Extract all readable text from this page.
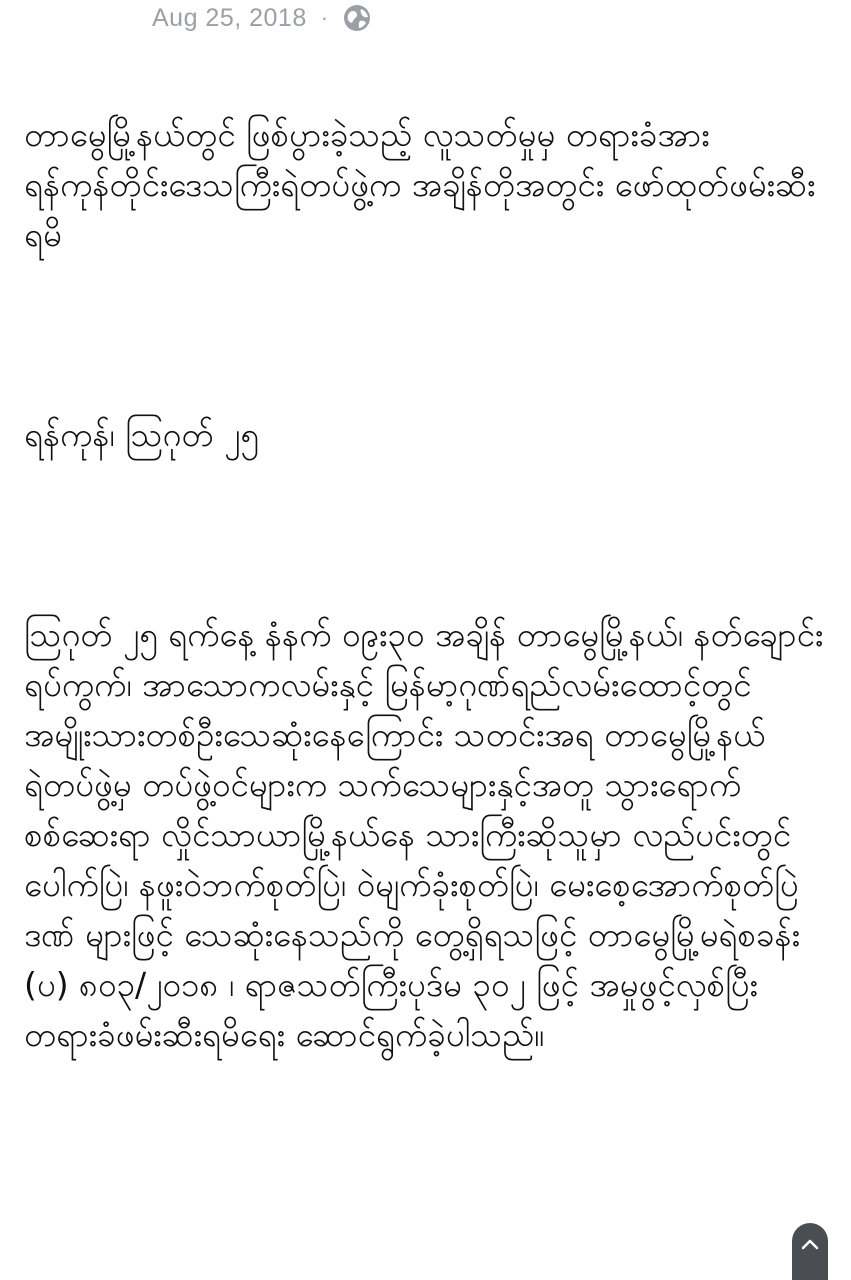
Aug 25, 2018 ·

တာမွေမြို့နယ်တွင် ဖြစ်ပွားခဲ့သည့် လူသတ်မှုမှ တရားခံအား ရန်ကုန်တိုင်းဒေသကြီးရဲတပ်ဖွဲ့က အချိန်တိုအတွင်း ဖော်ထုတ်ဖမ်းဆီးရမိ

ရန်ကုန်၊ ဩဂုတ် ၂၅

ဩဂုတ် ၂၅ ရက်နေ့ နံနက် ၀၉း၃၀ အချိန် တာမွေမြို့နယ်၊ နတ်ချောင်း ရပ်ကွက်၊ အာသောကလမ်းနှင့် မြန်မာ့ဂုဏ်ရည်လမ်းထောင့်တွင် အမျိုးသားတစ်ဦးသေဆုံးနေကြောင်း သတင်းအရ တာမွေမြို့နယ် ရဲတပ်ဖွဲ့မှ တပ်ဖွဲ့ဝင်များက သက်သေများနှင့်အတူ သွားရောက် စစ်ဆေးရာ လှိုင်သာယာမြို့နယ်နေ သားကြီးဆိုသူမှာ လည်ပင်းတွင် ပေါက်ပြဲ၊ နဖူးဝဲဘက်စုတ်ပြဲ၊ ဝဲမျက်ခုံးစုတ်ပြဲ၊ မေးစေ့အောက်စုတ်ပြဲဒဏ် များဖြင့် သေဆုံးနေသည်ကို တွေ့ရှိရသဖြင့် တာမွေမြို့မရဲစခန်း (ပ) ၈၀၃/၂၀၁၈ ၊ ရာဇသတ်ကြီးပုဒ်မ ၃၀၂ ဖြင့် အမှုဖွင့်လှစ်ပြီး တရားခံဖမ်းဆီးရမိရေး ဆောင်ရွက်ခဲ့ပါသည်။
